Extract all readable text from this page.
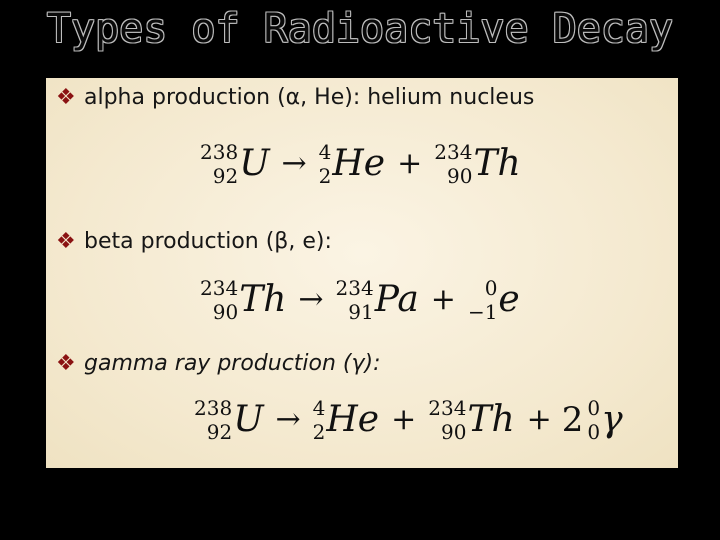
Types of Radioactive Decay
❖ alpha production (α, He): helium nucleus
238
92 U → 4
2 He + 234
90 Th
❖ beta production (β, e):
234
90 Th → 234
91 Pa + 0
−1 e
❖ gamma ray production (γ):
238
92 U → 4
2 He + 234
90 Th + 2 0
0 γ
